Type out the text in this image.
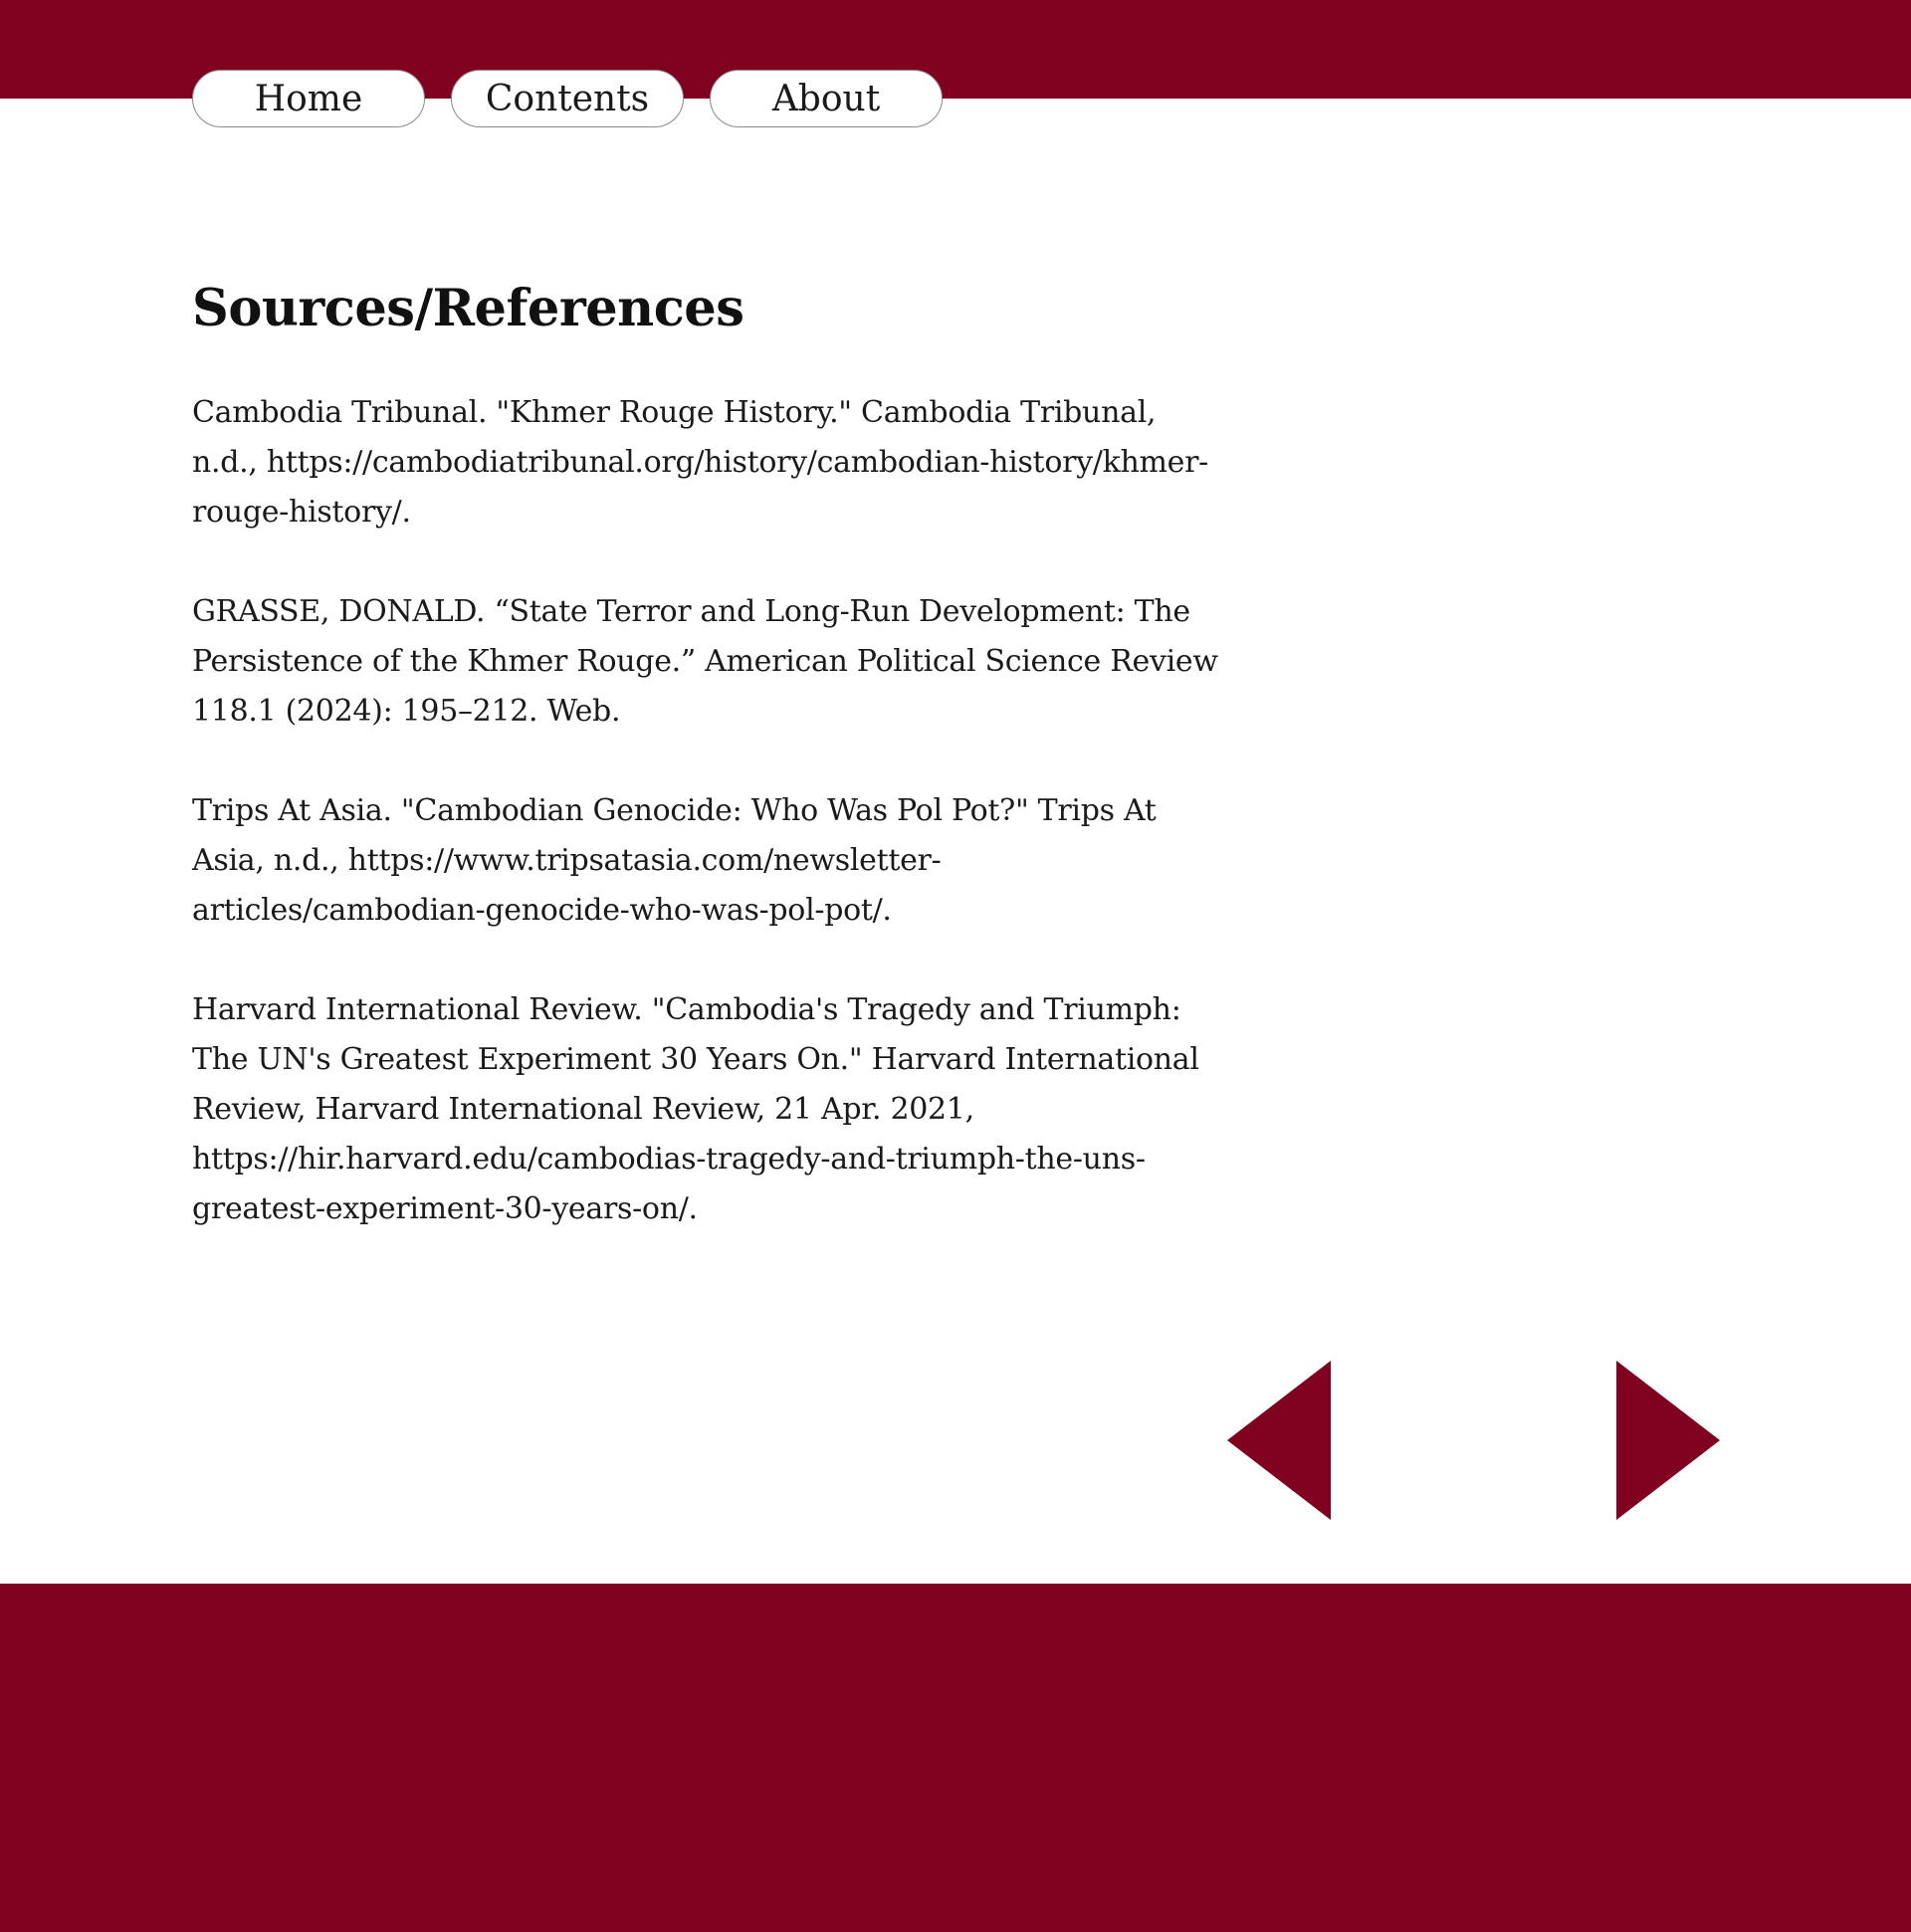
Home	Contents	About
Sources/References

Cambodia Tribunal. "Khmer Rouge History." Cambodia Tribunal, n.d., https://cambodiatribunal.org/history/cambodian-history/khmer-rouge-history/.

GRASSE, DONALD. “State Terror and Long-Run Development: The Persistence of the Khmer Rouge.” American Political Science Review 118.1 (2024): 195–212. Web.

Trips At Asia. "Cambodian Genocide: Who Was Pol Pot?" Trips At Asia, n.d., https://www.tripsatasia.com/newsletter-articles/cambodian-genocide-who-was-pol-pot/.

Harvard International Review. "Cambodia's Tragedy and Triumph: The UN's Greatest Experiment 30 Years On." Harvard International Review, Harvard International Review, 21 Apr. 2021, https://hir.harvard.edu/cambodias-tragedy-and-triumph-the-uns-greatest-experiment-30-years-on/.
